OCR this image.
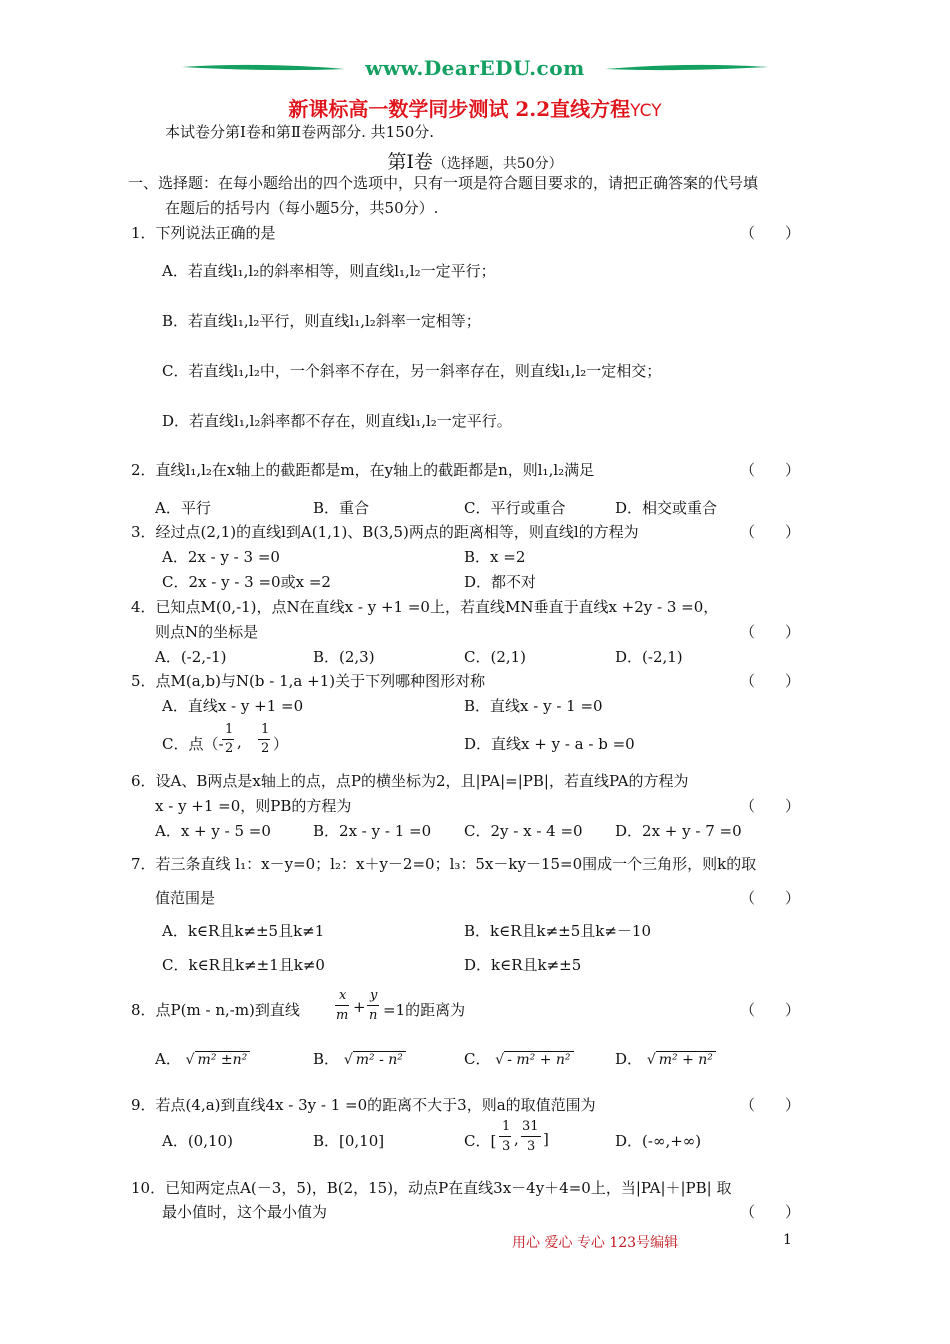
www.DearEDU.com
新课标高一数学同步测试 2.2直线方程YCY
本试卷分第Ⅰ卷和第Ⅱ卷两部分. 共150分.
第Ⅰ卷（选择题，共50分）
一、选择题：在每小题给出的四个选项中，只有一项是符合题目要求的，请把正确答案的代号填
在题后的括号内（每小题5分，共50分）.
1．下列说法正确的是	（　　）
A．若直线l₁,l₂的斜率相等，则直线l₁,l₂一定平行；
B．若直线l₁,l₂平行，则直线l₁,l₂斜率一定相等；
C．若直线l₁,l₂中，一个斜率不存在，另一斜率存在，则直线l₁,l₂一定相交；
D．若直线l₁,l₂斜率都不存在，则直线l₁,l₂一定平行。
2．直线l₁,l₂在x轴上的截距都是m，在y轴上的截距都是n，则l₁,l₂满足	（　　）
A．平行	B．重合	C．平行或重合	D．相交或重合
3．经过点(2,1)的直线l到A(1,1)、B(3,5)两点的距离相等，则直线l的方程为	（　　）
A．2x - y - 3 =0	B．x =2
C．2x - y - 3 =0或x =2	D．都不对
4．已知点M(0,-1)，点N在直线x - y +1 =0上，若直线MN垂直于直线x +2y - 3 =0，
则点N的坐标是	（　　）
A．(-2,-1)	B．(2,3)	C．(2,1)	D．(-2,1)
5．点M(a,b)与N(b - 1,a +1)关于下列哪种图形对称	（　　）
A．直线x - y +1 =0	B．直线x - y - 1 =0
C．点（-
1
2 ,
1
2 ）	D．直线x + y - a - b =0
6．设A、B两点是x轴上的点，点P的横坐标为2，且|PA|=|PB|，若直线PA的方程为
x - y +1 =0，则PB的方程为	（　　）
A．x + y - 5 =0	B．2x - y - 1 =0 C．2y - x - 4 =0 D．2x + y - 7 =0
7．若三条直线 l₁：x－y=0；l₂：x＋y－2=0；l₃：5x－ky－15=0围成一个三角形，则k的取
值范围是	（　　）
A．k∈R且k≠±5且k≠1	B．k∈R且k≠±5且k≠－10
C．k∈R且k≠±1且k≠0	D．k∈R且k≠±5
8．点P(m - n,-m)到直线
x
m +
y
n =1的距离为	（　　）
A． √ m² ±n²	B． √ m² - n²	C． √ - m² + n²	D． √ m² + n²
9．若点(4,a)到直线4x - 3y - 1 =0的距离不大于3，则a的取值范围为	（　　）
A．(0,10)	B．[0,10]	C．[
1
3 ,
31
3 ]	D．(-∞,+∞)
10．已知两定点A(－3，5)，B(2，15)，动点P在直线3x－4y＋4=0上，当|PA|＋|PB| 取
最小值时，这个最小值为	（　　）
用心 爱心 专心 123号编辑	1
